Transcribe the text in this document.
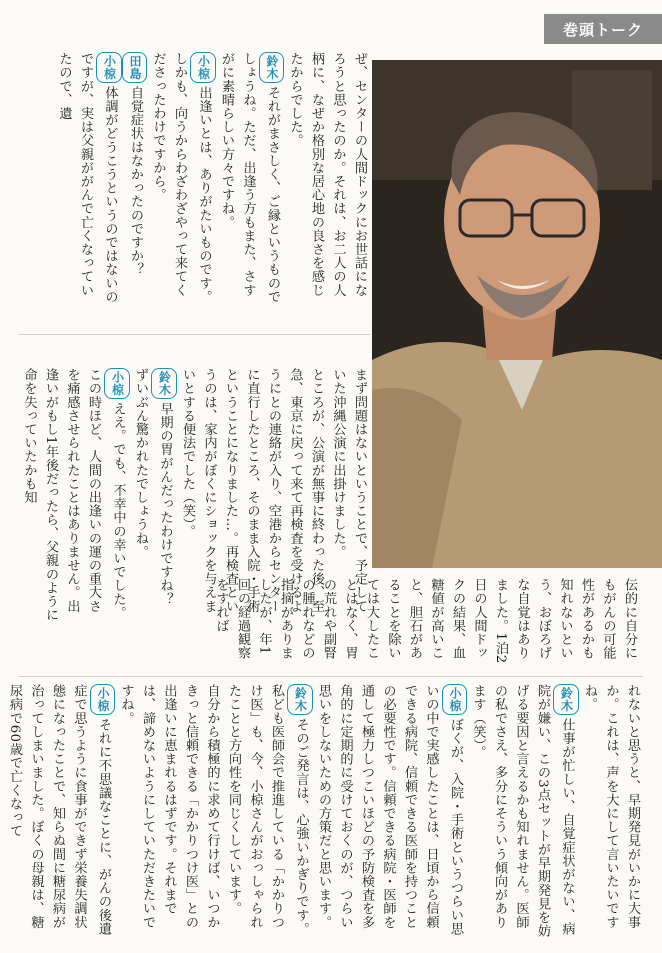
巻頭トーク

ぜ、センターの人間ドックにお世話になろうと思ったのか。それは、お二人の人柄に、なぜか格別な居心地の良さを感じたからでした。

鈴木それがまさしく、ご縁というものでしょうね。ただ、出逢う方もまた、さすがに素晴らしい方々ですね。

小椋出逢いとは、ありがたいものです。しかも、向うからわざわざやって来てくださったわけですから。

田島自覚症状はなかったのですか？

小椋体調がどうこうというのではないのですが、実は父親ががんで亡くなっていたので、遺

まず問題はないということで、予定していた沖縄公演に出掛けました。

ところが、公演が無事に終わった後、至急、東京に戻って来て再検査を受けるようにとの連絡が入り、空港からセンターに直行したところ、そのまま入院・手術ということになりました…。再検査というのは、家内がぼくにショックを与えまいとする便法でした（笑）。

鈴木早期の胃がんだったわけですね？　ずいぶん驚かれたでしょうね。

小椋ええ。でも、不幸中の幸いでした。この時ほど、人間の出逢いの運の重大さを痛感させられたことはありません。出逢いがもし1年後だったら、父親のように命を失っていたかも知

伝的に自分にもがんの可能性があるかも知れないという、おぼろげな自覚はありました。1泊2日の人間ドックの結果、血糖値が高いこと、胆石があることを除いては大したことはなく、胃の荒れや副腎の腫れなどの指摘がありましたが、年1回の経過観察をすれば

れないと思うと、早期発見がいかに大事か。これは、声を大にして言いたいですね。

鈴木仕事が忙しい、自覚症状がない、病院が嫌い、この3点セットが早期発見を妨げる要因と言えるかも知れません。医師の私でさえ、多分にそういう傾向があります（笑）。

小椋ぼくが、入院・手術というつらい思いの中で実感したことは、日頃から信頼できる病院、信頼できる医師を持つことの必要性です。信頼できる病院・医師を通して極力しつこいほどの予防検査を多角的に定期的に受けておくのが、つらい思いをしないための方策だと思います。

鈴木そのご発言は、心強いかぎりです。私ども医師会で推進している「かかりつけ医」も、今、小椋さんがおっしゃられたことと方向性を同じくしています。

自分から積極的に求めて行けば、いつかきっと信頼できる「かかりつけ医」との出逢いに恵まれるはずです。それまでは、諦めないようにしていただきたいですね。

小椋それに不思議なことに、がんの後遺症で思うように食事ができず栄養失調状態になったことで、知らぬ間に糖尿病が治ってしまいました。ぼくの母親は、糖尿病で60歳で亡くなって
